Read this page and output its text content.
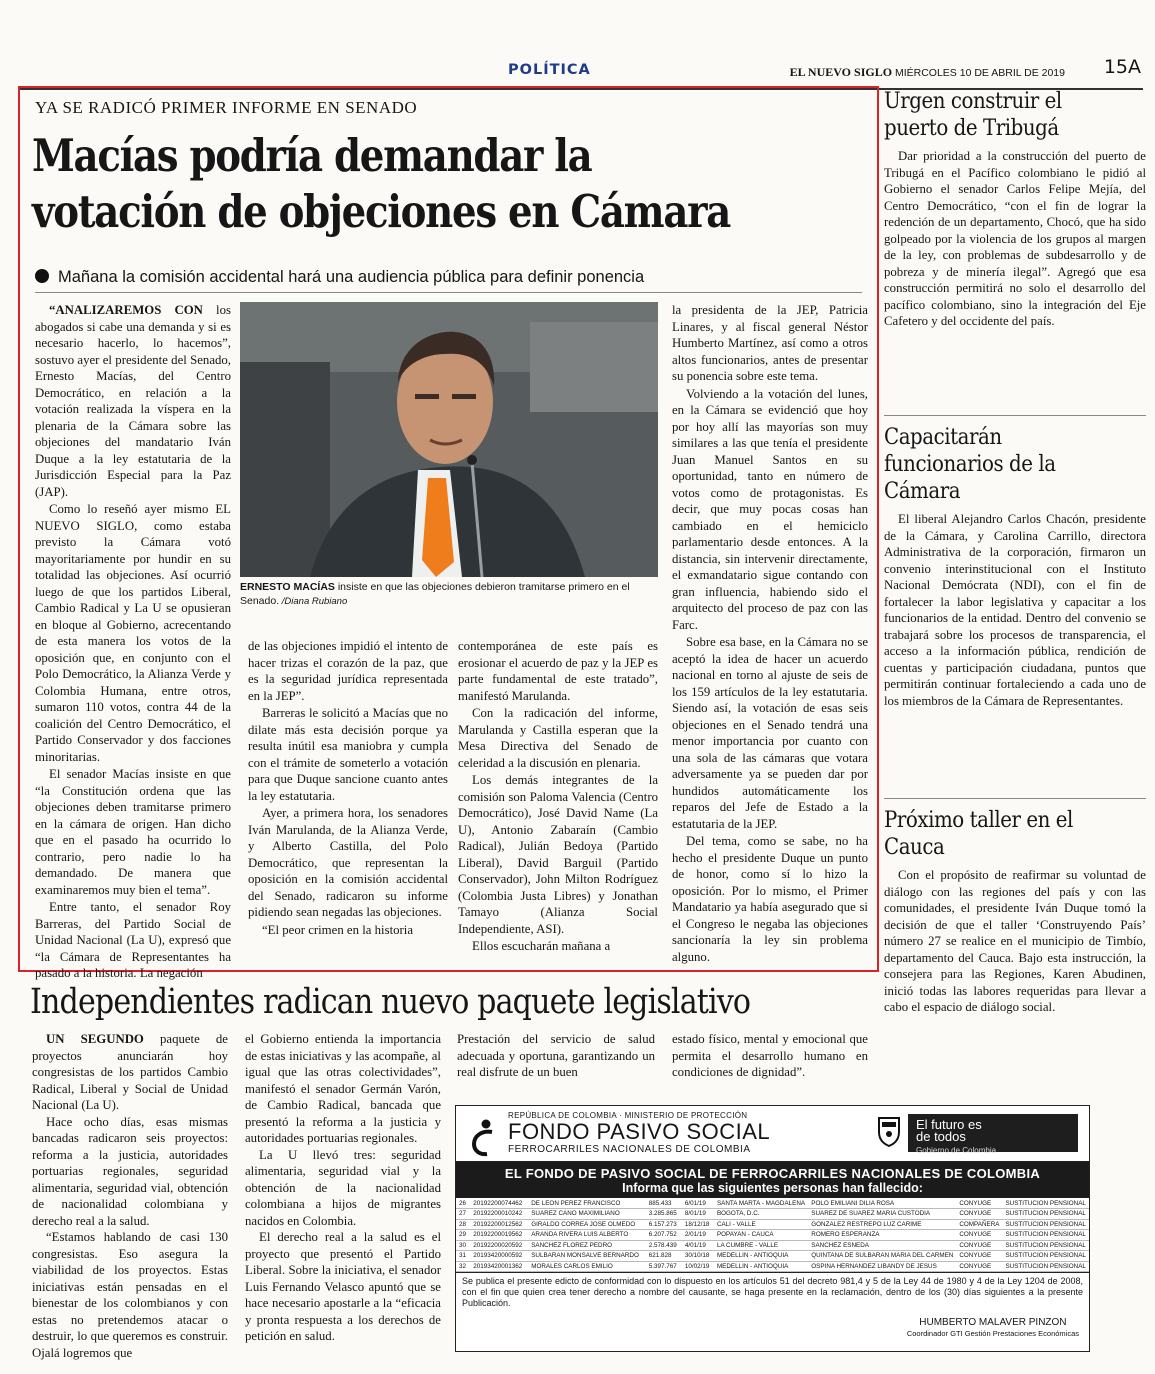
POLÍTICA	EL NUEVO SIGLO MIÉRCOLES 10 DE ABRIL DE 2019 15A
YA SE RADICÓ PRIMER INFORME EN SENADO
Macías podría demandar la
votación de objeciones en Cámara
Mañana la comisión accidental hará una audiencia pública para definir ponencia

“ANALIZAREMOS CON los abogados si cabe una demanda y si es necesario hacerlo, lo hacemos”, sostuvo ayer el presidente del Senado, Ernesto Macías, del Centro Democrático, en relación a la votación realizada la víspera en la plenaria de la Cámara sobre las objeciones del mandatario Iván Duque a la ley estatutaria de la Jurisdicción Especial para la Paz (JAP).

Como lo reseñó ayer mismo EL NUEVO SIGLO, como estaba previsto la Cámara votó mayoritariamente por hundir en su totalidad las objeciones. Así ocurrió luego de que los partidos Liberal, Cambio Radical y La U se opusieran en bloque al Gobierno, acrecentando de esta manera los votos de la oposición que, en conjunto con el Polo Democrático, la Alianza Verde y Colombia Humana, entre otros, sumaron 110 votos, contra 44 de la coalición del Centro Democrático, el Partido Conservador y dos facciones minoritarias.

El senador Macías insiste en que “la Constitución ordena que las objeciones deben tramitarse primero en la cámara de origen. Han dicho que en el pasado ha ocurrido lo contrario, pero nadie lo ha demandado. De manera que examinaremos muy bien el tema”.

Entre tanto, el senador Roy Barreras, del Partido Social de Unidad Nacional (La U), expresó que “la Cámara de Representantes ha pasado a la historia. La negación

ERNESTO MACÍAS insiste en que las objeciones debieron tramitarse primero en el Senado. /Diana Rubiano

de las objeciones impidió el intento de hacer trizas el corazón de la paz, que es la seguridad jurídica representada en la JEP”.

Barreras le solicitó a Macías que no dilate más esta decisión porque ya resulta inútil esa maniobra y cumpla con el trámite de someterlo a votación para que Duque sancione cuanto antes la ley estatutaria.

Ayer, a primera hora, los senadores Iván Marulanda, de la Alianza Verde, y Alberto Castilla, del Polo Democrático, que representan la oposición en la comisión accidental del Senado, radicaron su informe pidiendo sean negadas las objeciones.

“El peor crimen en la historia

contemporánea de este país es erosionar el acuerdo de paz y la JEP es parte fundamental de este tratado”, manifestó Marulanda.

Con la radicación del informe, Marulanda y Castilla esperan que la Mesa Directiva del Senado de celeridad a la discusión en plenaria.

Los demás integrantes de la comisión son Paloma Valencia (Centro Democrático), José David Name (La U), Antonio Zabaraín (Cambio Radical), Julián Bedoya (Partido Liberal), David Barguil (Partido Conservador), John Milton Rodríguez (Colombia Justa Libres) y Jonathan Tamayo (Alianza Social Independiente, ASI).

Ellos escucharán mañana a

la presidenta de la JEP, Patricia Linares, y al fiscal general Néstor Humberto Martínez, así como a otros altos funcionarios, antes de presentar su ponencia sobre este tema.

Volviendo a la votación del lunes, en la Cámara se evidenció que hoy por hoy allí las mayorías son muy similares a las que tenía el presidente Juan Manuel Santos en su oportunidad, tanto en número de votos como de protagonistas. Es decir, que muy pocas cosas han cambiado en el hemiciclo parlamentario desde entonces. A la distancia, sin intervenir directamente, el exmandatario sigue contando con gran influencia, habiendo sido el arquitecto del proceso de paz con las Farc.

Sobre esa base, en la Cámara no se aceptó la idea de hacer un acuerdo nacional en torno al ajuste de seis de los 159 artículos de la ley estatutaria. Siendo así, la votación de esas seis objeciones en el Senado tendrá una menor importancia por cuanto con una sola de las cámaras que votara adversamente ya se pueden dar por hundidos automáticamente los reparos del Jefe de Estado a la estatutaria de la JEP.

Del tema, como se sabe, no ha hecho el presidente Duque un punto de honor, como sí lo hizo la oposición. Por lo mismo, el Primer Mandatario ya había asegurado que si el Congreso le negaba las objeciones sancionaría la ley sin problema alguno.

Urgen construir el puerto de Tribugá
Dar prioridad a la construcción del puerto de Tribugá en el Pacífico colombiano le pidió al Gobierno el senador Carlos Felipe Mejía, del Centro Democrático, “con el fin de lograr la redención de un departamento, Chocó, que ha sido golpeado por la violencia de los grupos al margen de la ley, con problemas de subdesarrollo y de pobreza y de minería ilegal”. Agregó que esa construcción permitirá no solo el desarrollo del pacífico colombiano, sino la integración del Eje Cafetero y del occidente del país.
Capacitarán funcionarios de la Cámara
El liberal Alejandro Carlos Chacón, presidente de la Cámara, y Carolina Carrillo, directora Administrativa de la corporación, firmaron un convenio interinstitucional con el Instituto Nacional Demócrata (NDI), con el fin de fortalecer la labor legislativa y capacitar a los funcionarios de la entidad. Dentro del convenio se trabajará sobre los procesos de transparencia, el acceso a la información pública, rendición de cuentas y participación ciudadana, puntos que permitirán continuar fortaleciendo a cada uno de los miembros de la Cámara de Representantes.
Próximo taller en el Cauca
Con el propósito de reafirmar su voluntad de diálogo con las regiones del país y con las comunidades, el presidente Iván Duque tomó la decisión de que el taller ‘Construyendo País’ número 27 se realice en el municipio de Timbío, departamento del Cauca. Bajo esta instrucción, la consejera para las Regiones, Karen Abudinen, inició todas las labores requeridas para llevar a cabo el espacio de diálogo social.
Independientes radican nuevo paquete legislativo

UN SEGUNDO paquete de proyectos anunciarán hoy congresistas de los partidos Cambio Radical, Liberal y Social de Unidad Nacional (La U).

Hace ocho días, esas mismas bancadas radicaron seis proyectos: reforma a la justicia, autoridades portuarias regionales, seguridad alimentaria, seguridad vial, obtención de nacionalidad colombiana y derecho real a la salud.

“Estamos hablando de casi 130 congresistas. Eso asegura la viabilidad de los proyectos. Estas iniciativas están pensadas en el bienestar de los colombianos y con estas no pretendemos atacar o destruir, lo que queremos es construir. Ojalá logremos que

el Gobierno entienda la importancia de estas iniciativas y las acompañe, al igual que las otras colectividades”, manifestó el senador Germán Varón, de Cambio Radical, bancada que presentó la reforma a la justicia y autoridades portuarias regionales.

La U llevó tres: seguridad alimentaria, seguridad vial y la obtención de la nacionalidad colombiana a hijos de migrantes nacidos en Colombia.

El derecho real a la salud es el proyecto que presentó el Partido Liberal. Sobre la iniciativa, el senador Luis Fernando Velasco apuntó que se hace necesario apostarle a la “eficacia y pronta respuesta a los derechos de petición en salud.

Prestación del servicio de salud adecuada y oportuna, garantizando un real disfrute de un buen

estado físico, mental y emocional que permita el desarrollo humano en condiciones de dignidad”.

REPÚBLICA DE COLOMBIA · MINISTERIO DE PROTECCIÓN
FONDO PASIVO SOCIAL
FERROCARRILES NACIONALES DE COLOMBIA
El futuro es de todos Gobierno de Colombia
EL FONDO DE PASIVO SOCIAL DE FERROCARRILES NACIONALES DE COLOMBIA
Informa que las siguientes personas han fallecido:
26	20192200074462	DE LEON PEREZ FRANCISCO	885.433	6/01/19	SANTA MARTA - MAGDALENA	POLO EMILIANI DILIA ROSA	CONYUGE	SUSTITUCION PENSIONAL
27	20192200010242	SUAREZ CANO MAXIMILIANO	3.285.865	8/01/19	BOGOTA, D.C.	SUAREZ DE SUAREZ MARIA CUSTODIA	CONYUGE	SUSTITUCION PENSIONAL
28	20192200012562	GIRALDO CORREA JOSE OLMEDO	6.157.273	18/12/18	CALI - VALLE	GONZALEZ RESTREPO LUZ CARIME	COMPAÑERA	SUSTITUCION PENSIONAL
29	20192200019562	ARANDA RIVERA LUIS ALBERTO	6.207.752	2/01/19	POPAYAN - CAUCA	ROMERO ESPERANZA	CONYUGE	SUSTITUCION PENSIONAL
30	20192200020592	SANCHEZ FLOREZ PEDRO	2.578.439	4/01/19	LA CUMBRE - VALLE	SANCHEZ ESNEDA	CONYUGE	SUSTITUCION PENSIONAL
31	20193420000592	SULBARAN MONSALVE BERNARDO	621.828	30/10/18	MEDELLIN - ANTIOQUIA	QUINTANA DE SULBARAN MARIA DEL CARMEN	CONYUGE	SUSTITUCION PENSIONAL
32	20193420001362	MORALES CARLOS EMILIO	5.397.767	10/02/19	MEDELLIN - ANTIOQUIA	OSPINA HERNANDEZ LIBANDY DE JESUS	CONYUGE	SUSTITUCION PENSIONAL
Se publica el presente edicto de conformidad con lo dispuesto en los artículos 51 del decreto 981,4 y 5 de la Ley 44 de 1980 y 4 de la Ley 1204 de 2008, con el fin que quien crea tener derecho a nombre del causante, se haga presente en la reclamación, dentro de los (30) días siguientes a la presente Publicación.
HUMBERTO MALAVER PINZON
Coordinador GTI Gestión Prestaciones Económicas
